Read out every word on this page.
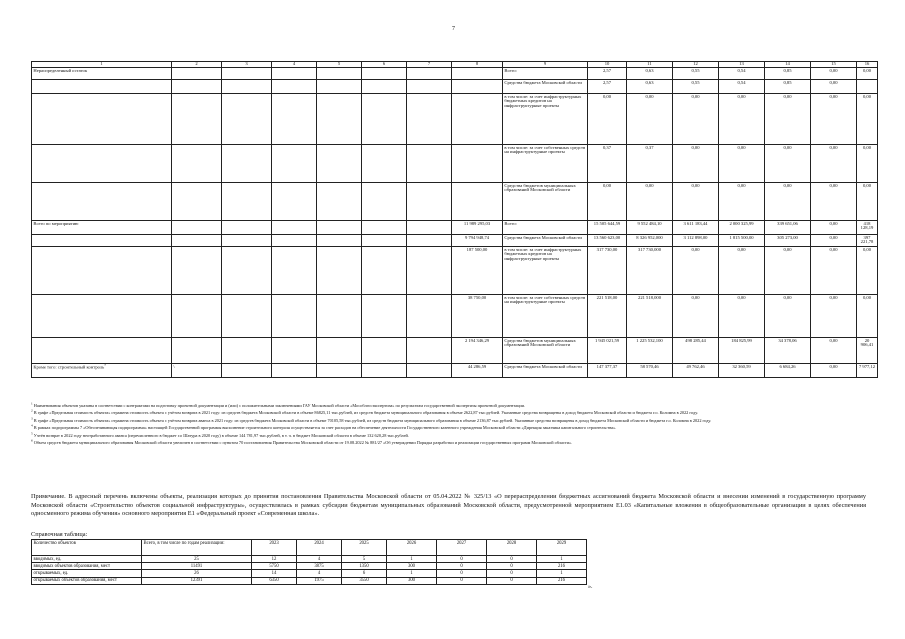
7
1	2	3	4	5	6	7	8	9	10	11	12	13	14	15	16
Нераспределенный остаток								Всего:	2,57	0,63	0,55	0,54	0,85	0,00	0,00
								Средства бюджета Московской области	2,57	0,63	0,55	0,54	0,85	0,00	
								в том числе: за счет инфраструктурных бюджетных кредитов на инфраструктурные проекты	0,00	0,00	0,00	0,00	0,00	0,00	0,00
								в том числе: за счет собственных средств на инфраструктурные проекты	0,37	0,37	0,00	0,00	0,00	0,00	0,00
								Средства бюджетов муниципальных образований Московской области	0,00	0,00	0,00	0,00	0,00	0,00	0,00
Всего по мероприятию							11 989 295,03	Всего:	15 505 644,59	9 552 484,10	3 611 183,44	2 000 325,99	339 651,06	0,00	418 128,19
							9 794 948,74	Средства бюджета Московской области	13 560 623,00	8 326 952,000	3 112 898,00	1 815 500,00	305 273,00	0,00	397 221,78
							187 500,00	в том числе: за счет инфраструктурных бюджетных кредитов на инфраструктурные проекты	317 730,00	317 730,000	0,00	0,00	0,00	0,00	0,00
							38 750,00	в том числе: за счет собственных средств на инфраструктурные проекты	221 518,00	221 518,000	0,00	0,00	0,00	0,00	0,00
							2 194 346,29	Средства бюджетов муниципальных образований Московской области	1 945 021,59	1 225 532,100	498 285,44	184 825,99	34 378,06	0,00	20 906,41
Кроме того: строительный контроль$^7$	\						44 286,59	Средства бюджета Московской области	147 377,37	58 570,46	49 762,46	32 360,59	6 684,26	0,00	7 977,12
$^1$ Наименования объектов указаны в соответствии с контрактами на подготовку проектной документации и (или) с положительными заключениями ГАУ Московской области «Мособлгосэкспертиза» по результатам государственной экспертизы проектной документации.
$^2$ В графе «Предельная стоимость объекта» отражена стоимость объекта с учётом возврата в 2021 году: из средств бюджета Московской области в объеме 86825,11 тыс.рублей, из средств бюджета муниципального образования в объеме 2622,87 тыс.рублей. Указанные средства возвращены в доход бюджета Московской области и бюджета г.о. Коломна в 2022 году.
$^3$ В графе «Предельная стоимость объекта» отражена стоимость объекта с учётом возврата аванса в 2021 году: из средств бюджета Московской области в объеме 70105,58 тыс.рублей, из средств бюджета муниципального образования в объеме 2136,87 тыс.рублей. Указанные средства возвращены в доход бюджета Московской области и бюджета г.о. Коломна в 2022 году.
$^4$ В рамках подпрограммы 7 «Обеспечивающая подпрограмма» настоящей Государственной программы выполнение строительного контроля осуществляется за счет расходов на обеспечение деятельности Государственного казенного учреждения Московской области «Дирекция заказчика капитального строительства».
$^5$ Учтён возврат в 2022 году неотработанного аванса (перечисленного в бюджет г.о Шатура в 2020 году) в объеме 144 781,97 тыс.рублей, в т. ч. в бюджет Московской области в объеме 132 620,28 тыс.рублей.
$^6$ Объем средств бюджета муниципального образования Московской области увеличен в соответствии с пунктом 70 постановления Правительства Московской области от 19.08.2022 № 881/27 «Об утверждении Порядка разработки и реализации государственных программ Московской области».
Примечание. В адресный перечень включены объекты, реализация которых до принятия постановления Правительства Московской области от 05.04.2022 № 325/13 «О перераспределении бюджетных ассигнований бюджета Московской области и внесении изменений в государственную программу Московской области «Строительство объектов социальной инфраструктуры», осуществлялась в рамках субсидии бюджетам муниципальных образований Московской области, предусмотренной мероприятием E1.03 «Капитальные вложения в общеобразовательные организации в целях обеспечения односменного режима обучения» основного мероприятия E1 «Федеральный проект «Современная школа».
Справочная таблица:
Количество объектов	Всего, в том числе по годам реализации:	2023	2024	2025	2026	2027	2028	2029
вводимых, ед.	25	12	4	5	1	0	0	1
вводимых объектов образования, мест	11491	5750	3875	1350	300	0	0	216
открываемых, ед.	26	14	4	6	1	0	0	1
открываемых объектов образования, мест	12391	6350	1975	3550	300	0	0	216
».
